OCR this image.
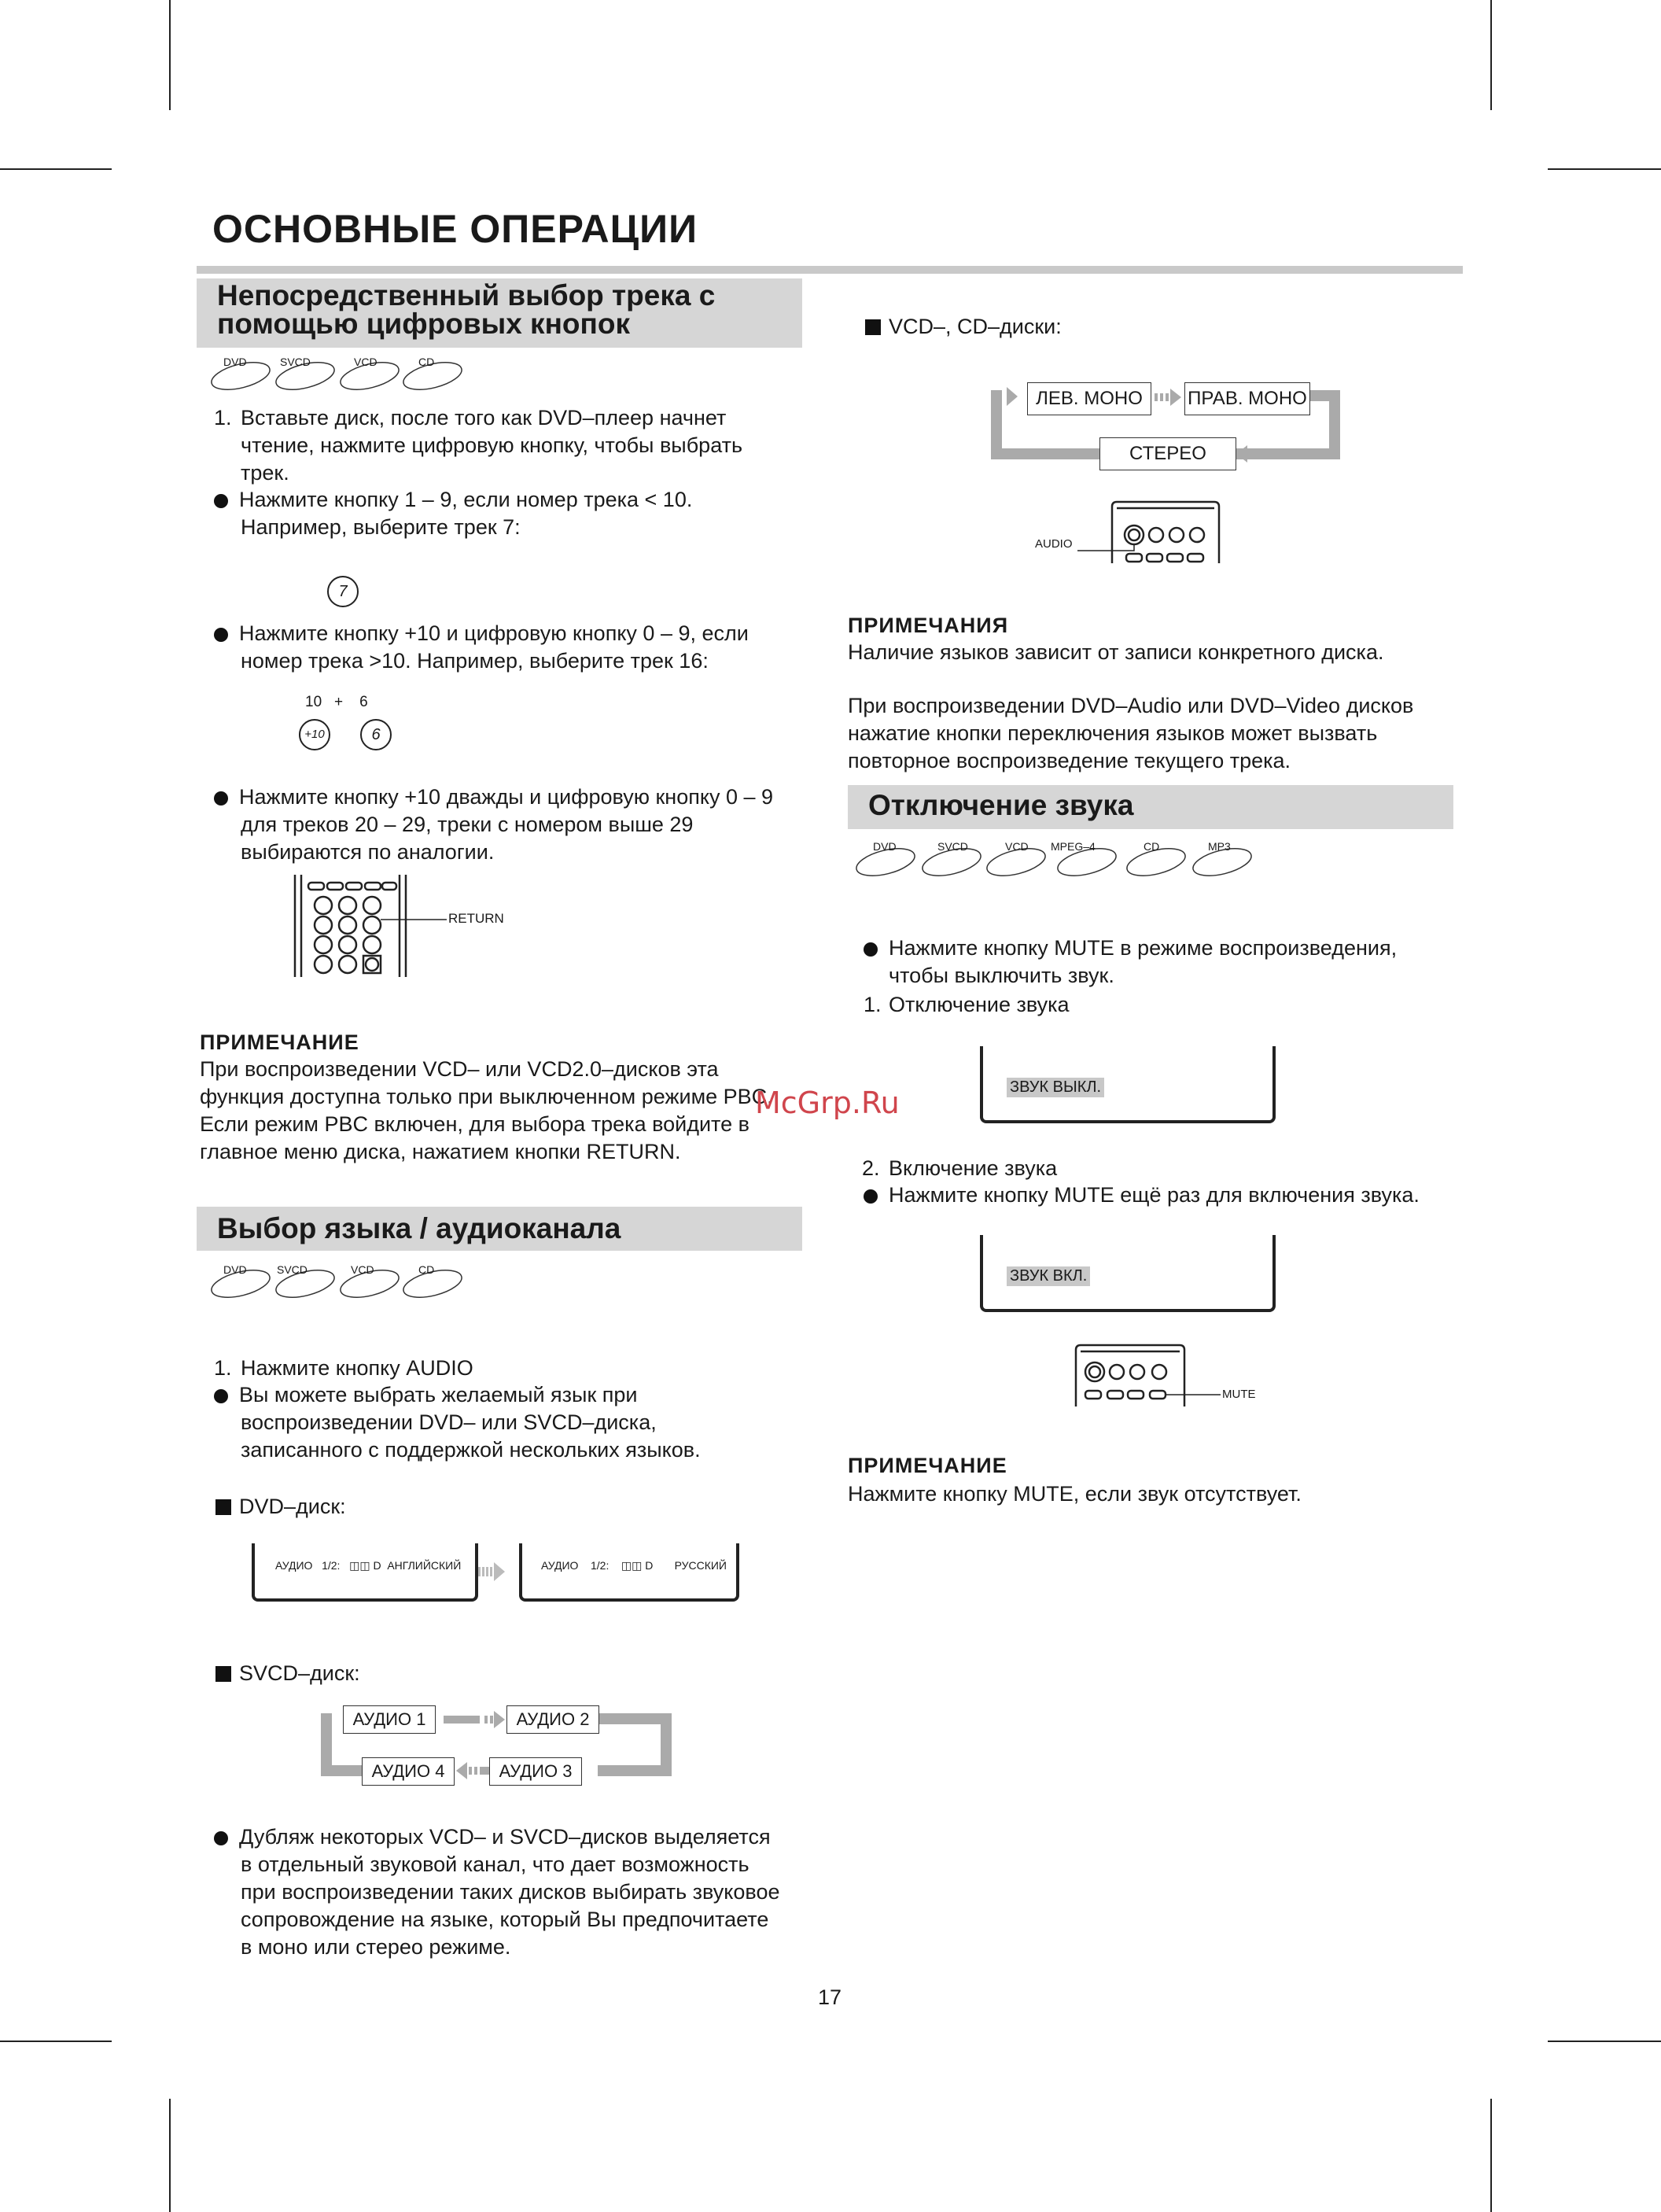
ОСНОВНЫЕ ОПЕРАЦИИ
Непосредственный выбор трека с
помощью цифровых кнопок
DVD	SVCD	VCD	CD
1. Вставьте диск, после того как DVD–плеер начнет
чтение, нажмите цифровую кнопку, чтобы выбрать
трек.
Нажмите кнопку 1 – 9, если номер трека < 10.
Например, выберите трек 7:
7
Нажмите кнопку +10 и цифровую кнопку 0 – 9, если
номер трека >10. Например, выберите трек 16:
10   +    6
+10	6
Нажмите кнопку +10 дважды и цифровую кнопку 0 – 9
для треков 20 – 29, треки с номером выше 29
выбираются по аналогии.
RETURN
ПРИМЕЧАНИЕ
При воспроизведении VCD– или VCD2.0–дисков эта
функция доступна только при выключенном режиме PBC.
Если режим PBC включен, для выбора трека войдите в
главное меню диска, нажатием кнопки RETURN.
Выбор языка / аудиоканала
DVD	SVCD	VCD	CD
1. Нажмите кнопку AUDIO
Вы можете выбрать желаемый язык при
воспроизведении DVD– или SVCD–диска,
записанного с поддержкой нескольких языков.
DVD–диск:
АУДИО   1/2:   ◫◫ D  АНГЛИЙСКИЙ	АУДИО    1/2:    ◫◫ D       РУССКИЙ
SVCD–диск:
АУДИО 1	АУДИО 2
АУДИО 4	АУДИО 3
Дубляж некоторых VCD– и SVCD–дисков выделяется
в отдельный звуковой канал, что дает возможность
при воспроизведении таких дисков выбирать звуковое
сопровождение на языке, который Вы предпочитаете
в моно или стерео режиме.
VCD–, CD–диски:
ЛЕВ. МОНО	ПРАВ. МОНО
СТЕРЕО
AUDIO
ПРИМЕЧАНИЯ
Наличие языков зависит от записи конкретного диска.
При воспроизведении DVD–Audio или DVD–Video дисков
нажатие кнопки переключения языков может вызвать
повторное воспроизведение текущего трека.
Отключение звука
DVD	SVCD	VCD MPEG–4	CD	MP3
Нажмите кнопку MUTE в режиме воспроизведения,
чтобы выключить звук.
1. Отключение звука
ЗВУК ВЫКЛ.
2. Включение звука
Нажмите кнопку MUTE ещё раз для включения звука.
ЗВУК ВКЛ.
MUTE
ПРИМЕЧАНИЕ
Нажмите кнопку MUTE, если звук отсутствует.
17
McGrp.Ru
